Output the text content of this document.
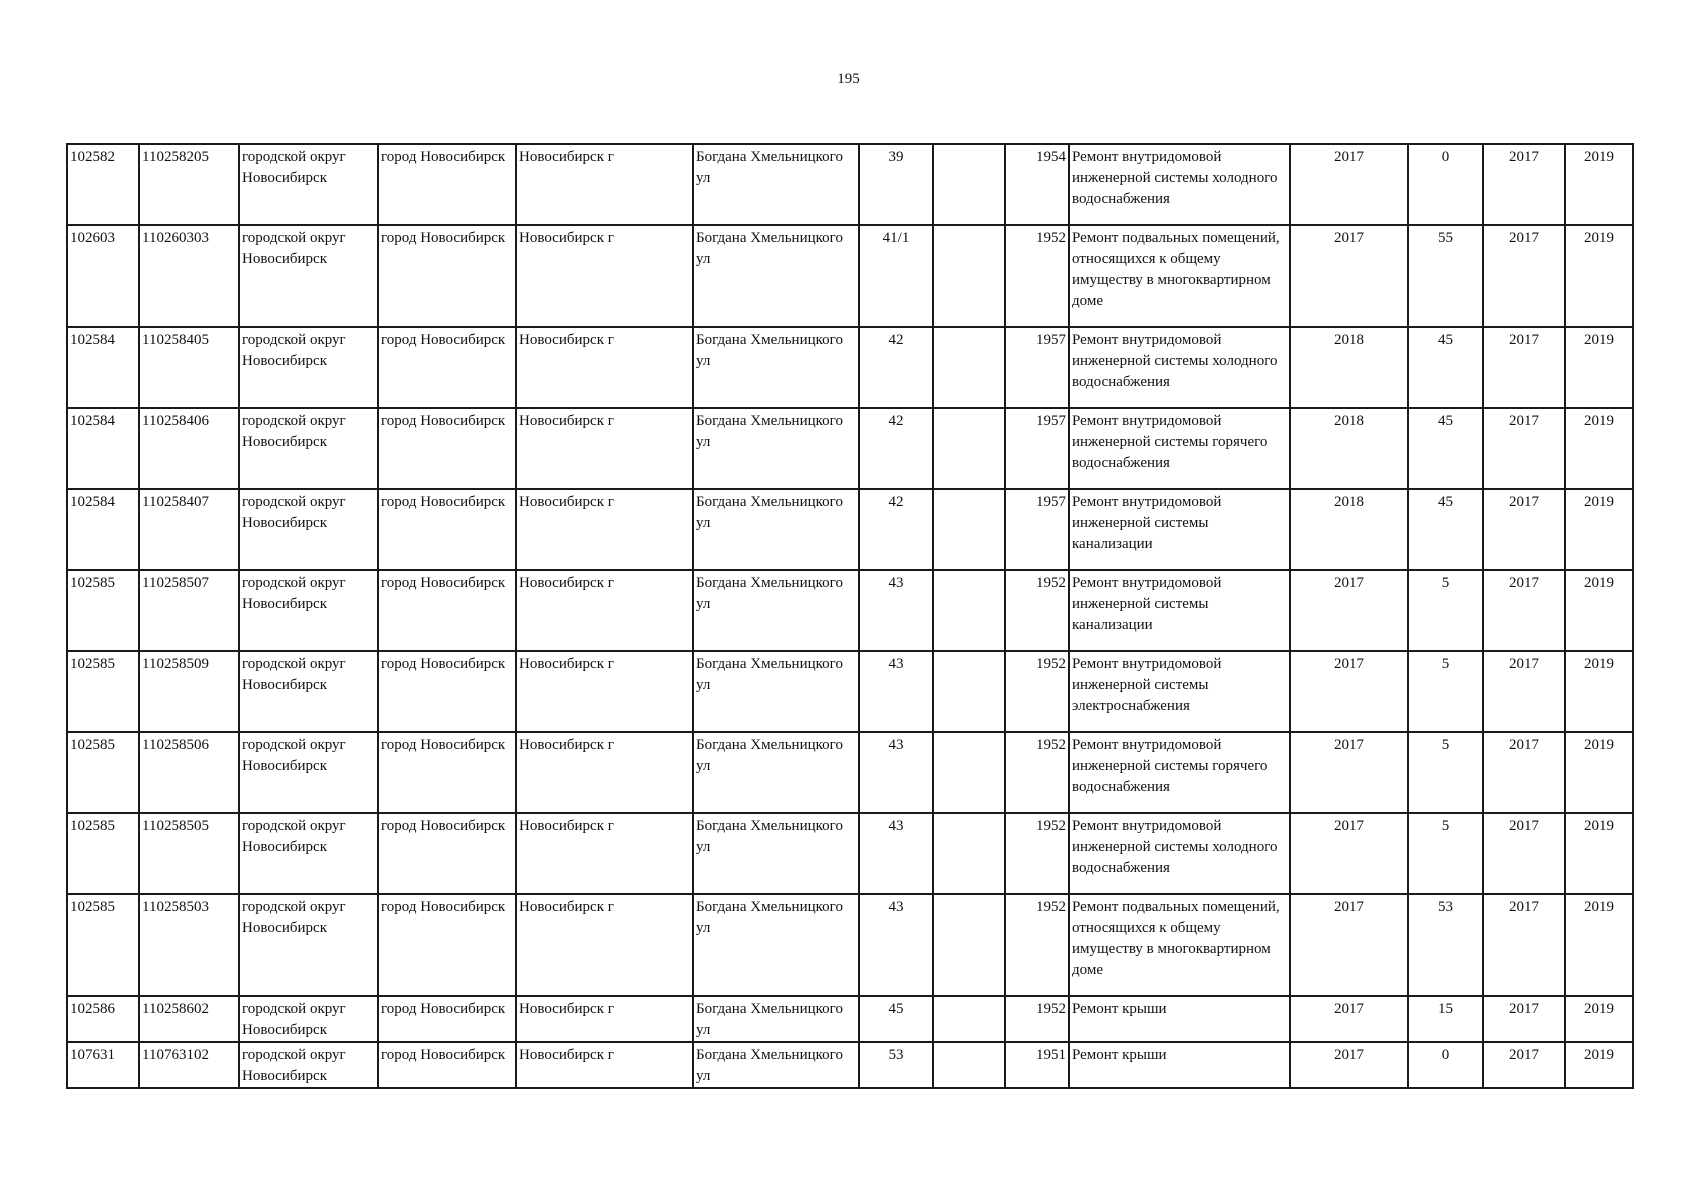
195
102582	110258205	городской округ Новосибирск	город Новосибирск	Новосибирск г	Богдана Хмельницкого ул	39		1954	Ремонт внутридомовой инженерной системы холодного водоснабжения	2017	0	2017	2019
102603	110260303	городской округ Новосибирск	город Новосибирск	Новосибирск г	Богдана Хмельницкого ул	41/1		1952	Ремонт подвальных помещений, относящихся к общему имуществу в многоквартирном доме	2017	55	2017	2019
102584	110258405	городской округ Новосибирск	город Новосибирск	Новосибирск г	Богдана Хмельницкого ул	42		1957	Ремонт внутридомовой инженерной системы холодного водоснабжения	2018	45	2017	2019
102584	110258406	городской округ Новосибирск	город Новосибирск	Новосибирск г	Богдана Хмельницкого ул	42		1957	Ремонт внутридомовой инженерной системы горячего водоснабжения	2018	45	2017	2019
102584	110258407	городской округ Новосибирск	город Новосибирск	Новосибирск г	Богдана Хмельницкого ул	42		1957	Ремонт внутридомовой инженерной системы канализации	2018	45	2017	2019
102585	110258507	городской округ Новосибирск	город Новосибирск	Новосибирск г	Богдана Хмельницкого ул	43		1952	Ремонт внутридомовой инженерной системы канализации	2017	5	2017	2019
102585	110258509	городской округ Новосибирск	город Новосибирск	Новосибирск г	Богдана Хмельницкого ул	43		1952	Ремонт внутридомовой инженерной системы электроснабжения	2017	5	2017	2019
102585	110258506	городской округ Новосибирск	город Новосибирск	Новосибирск г	Богдана Хмельницкого ул	43		1952	Ремонт внутридомовой инженерной системы горячего водоснабжения	2017	5	2017	2019
102585	110258505	городской округ Новосибирск	город Новосибирск	Новосибирск г	Богдана Хмельницкого ул	43		1952	Ремонт внутридомовой инженерной системы холодного водоснабжения	2017	5	2017	2019
102585	110258503	городской округ Новосибирск	город Новосибирск	Новосибирск г	Богдана Хмельницкого ул	43		1952	Ремонт подвальных помещений, относящихся к общему имуществу в многоквартирном доме	2017	53	2017	2019
102586	110258602	городской округ Новосибирск	город Новосибирск	Новосибирск г	Богдана Хмельницкого ул	45		1952	Ремонт крыши	2017	15	2017	2019
107631	110763102	городской округ Новосибирск	город Новосибирск	Новосибирск г	Богдана Хмельницкого ул	53		1951	Ремонт крыши	2017	0	2017	2019
